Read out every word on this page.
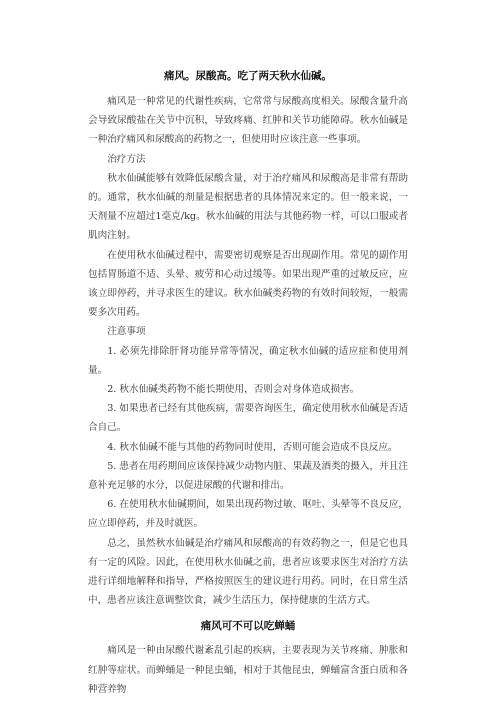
痛风。尿酸高。吃了两天秋水仙碱。

痛风是一种常见的代谢性疾病，它常常与尿酸高度相关。尿酸含量升高会导致尿酸盐在关节中沉积，导致疼痛、红肿和关节功能障碍。秋水仙碱是一种治疗痛风和尿酸高的药物之一，但使用时应该注意一些事项。

治疗方法

秋水仙碱能够有效降低尿酸含量，对于治疗痛风和尿酸高是非常有帮助的。通常，秋水仙碱的剂量是根据患者的具体情况来定的。但一般来说，一天剂量不应超过1毫克/kg。秋水仙碱的用法与其他药物一样，可以口服或者肌肉注射。

在使用秋水仙碱过程中，需要密切观察是否出现副作用。常见的副作用包括胃肠道不适、头晕、疲劳和心动过缓等。如果出现严重的过敏反应，应该立即停药，并寻求医生的建议。秋水仙碱类药物的有效时间较短，一般需要多次用药。

注意事项

1. 必须先排除肝肾功能异常等情况，确定秋水仙碱的适应症和使用剂量。

2. 秋水仙碱类药物不能长期使用，否则会对身体造成损害。

3. 如果患者已经有其他疾病，需要咨询医生，确定使用秋水仙碱是否适合自己。

4. 秋水仙碱不能与其他的药物同时使用，否则可能会造成不良反应。

5. 患者在用药期间应该保持减少动物内脏、果蔬及酒类的摄入，并且注意补充足够的水分，以促进尿酸的代谢和排出。

6. 在使用秋水仙碱期间，如果出现药物过敏、呕吐、头晕等不良反应，应立即停药，并及时就医。

总之，虽然秋水仙碱是治疗痛风和尿酸高的有效药物之一，但是它也具有一定的风险。因此，在使用秋水仙碱之前，患者应该要求医生对治疗方法进行详细地解释和指导，严格按照医生的建议进行用药。同时，在日常生活中，患者应该注意调整饮食，减少生活压力，保持健康的生活方式。

痛风可不可以吃蝉蛹

痛风是一种由尿酸代谢紊乱引起的疾病，主要表现为关节疼痛、肿胀和红肿等症状。而蝉蛹是一种昆虫蛹，相对于其他昆虫，蝉蛹富含蛋白质和各种营养物
